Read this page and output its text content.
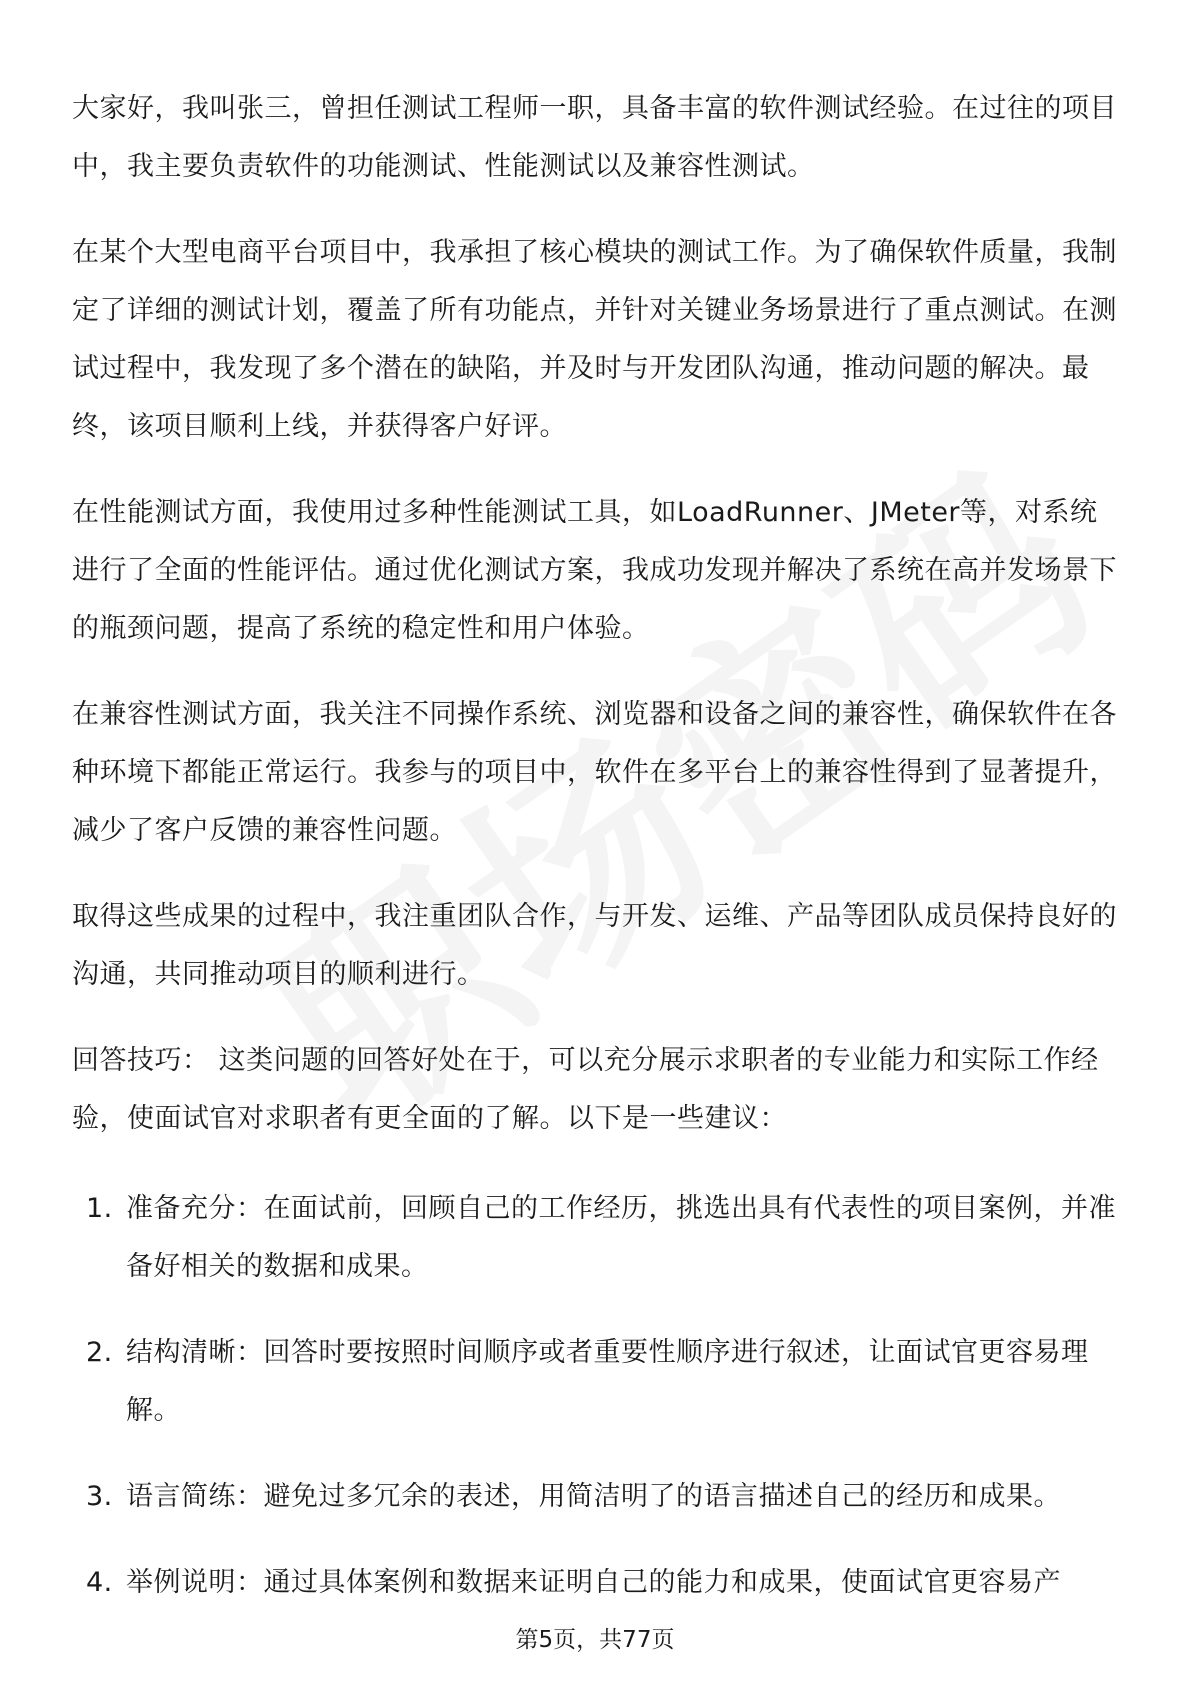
大家好，我叫张三，曾担任测试工程师一职，具备丰富的软件测试经验。在过往的项目中，我主要负责软件的功能测试、性能测试以及兼容性测试。

在某个大型电商平台项目中，我承担了核心模块的测试工作。为了确保软件质量，我制定了详细的测试计划，覆盖了所有功能点，并针对关键业务场景进行了重点测试。在测试过程中，我发现了多个潜在的缺陷，并及时与开发团队沟通，推动问题的解决。最终，该项目顺利上线，并获得客户好评。

在性能测试方面，我使用过多种性能测试工具，如LoadRunner、JMeter等，对系统进行了全面的性能评估。通过优化测试方案，我成功发现并解决了系统在高并发场景下的瓶颈问题，提高了系统的稳定性和用户体验。

在兼容性测试方面，我关注不同操作系统、浏览器和设备之间的兼容性，确保软件在各种环境下都能正常运行。我参与的项目中，软件在多平台上的兼容性得到了显著提升，减少了客户反馈的兼容性问题。

取得这些成果的过程中，我注重团队合作，与开发、运维、产品等团队成员保持良好的沟通，共同推动项目的顺利进行。

回答技巧： 这类问题的回答好处在于，可以充分展示求职者的专业能力和实际工作经验，使面试官对求职者有更全面的了解。以下是一些建议：

1. 准备充分：在面试前，回顾自己的工作经历，挑选出具有代表性的项目案例，并准备好相关的数据和成果。
2. 结构清晰：回答时要按照时间顺序或者重要性顺序进行叙述，让面试官更容易理解。
3. 语言简练：避免过多冗余的表述，用简洁明了的语言描述自己的经历和成果。
4. 举例说明：通过具体案例和数据来证明自己的能力和成果，使面试官更容易产
第5页，共77页
